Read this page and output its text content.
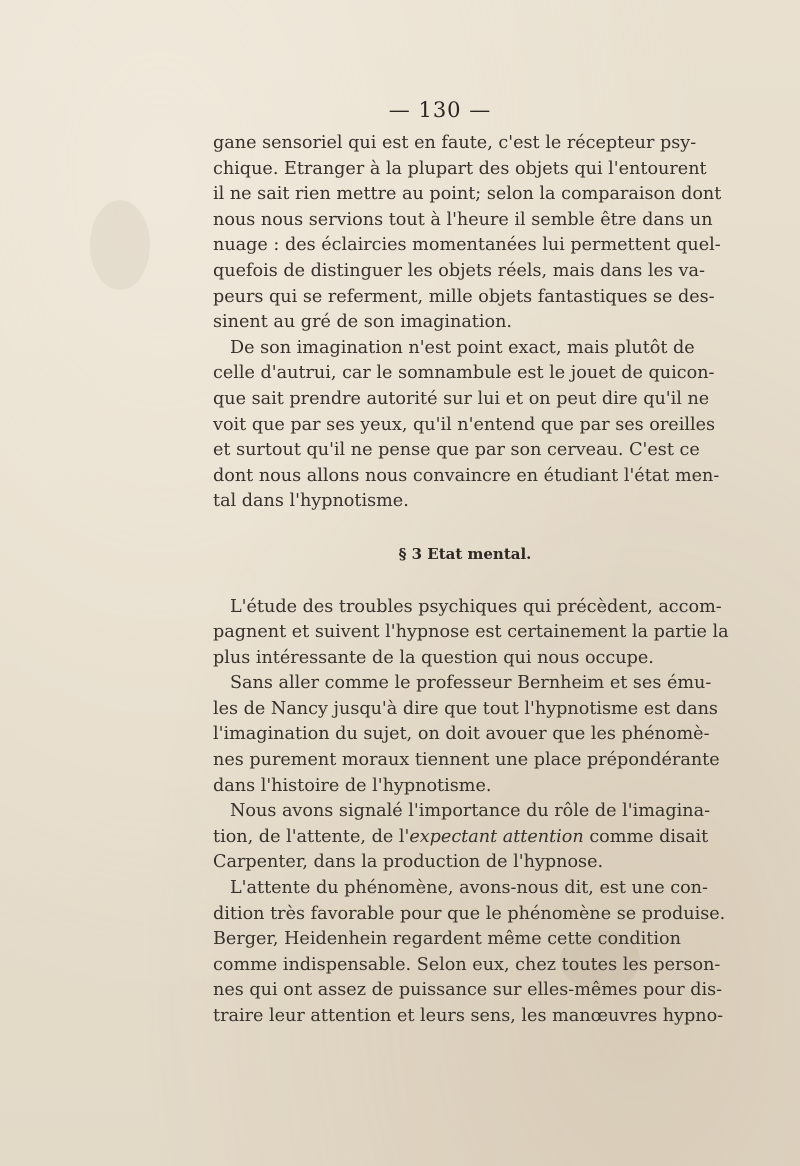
— 130 —
gane sensoriel qui est en faute, c'est le récepteur psy-
chique. Etranger à la plupart des objets qui l'entourent
il ne sait rien mettre au point; selon la comparaison dont
nous nous servions tout à l'heure il semble être dans un
nuage : des éclaircies momentanées lui permettent quel-
quefois de distinguer les objets réels, mais dans les va-
peurs qui se referment, mille objets fantastiques se des-
sinent au gré de son imagination.
De son imagination n'est point exact, mais plutôt de
celle d'autrui, car le somnambule est le jouet de quicon-
que sait prendre autorité sur lui et on peut dire qu'il ne
voit que par ses yeux, qu'il n'entend que par ses oreilles
et surtout qu'il ne pense que par son cerveau. C'est ce
dont nous allons nous convaincre en étudiant l'état men-
tal dans l'hypnotisme.
§ 3 Etat mental.
L'étude des troubles psychiques qui précèdent, accom-
pagnent et suivent l'hypnose est certainement la partie la
plus intéressante de la question qui nous occupe.
Sans aller comme le professeur Bernheim et ses ému-
les de Nancy jusqu'à dire que tout l'hypnotisme est dans
l'imagination du sujet, on doit avouer que les phénomè-
nes purement moraux tiennent une place prépondérante
dans l'histoire de l'hypnotisme.
Nous avons signalé l'importance du rôle de l'imagina-
tion, de l'attente, de l'expectant attention comme disait
Carpenter, dans la production de l'hypnose.
L'attente du phénomène, avons-nous dit, est une con-
dition très favorable pour que le phénomène se produise.
Berger, Heidenhein regardent même cette condition
comme indispensable. Selon eux, chez toutes les person-
nes qui ont assez de puissance sur elles-mêmes pour dis-
traire leur attention et leurs sens, les manœuvres hypno-
